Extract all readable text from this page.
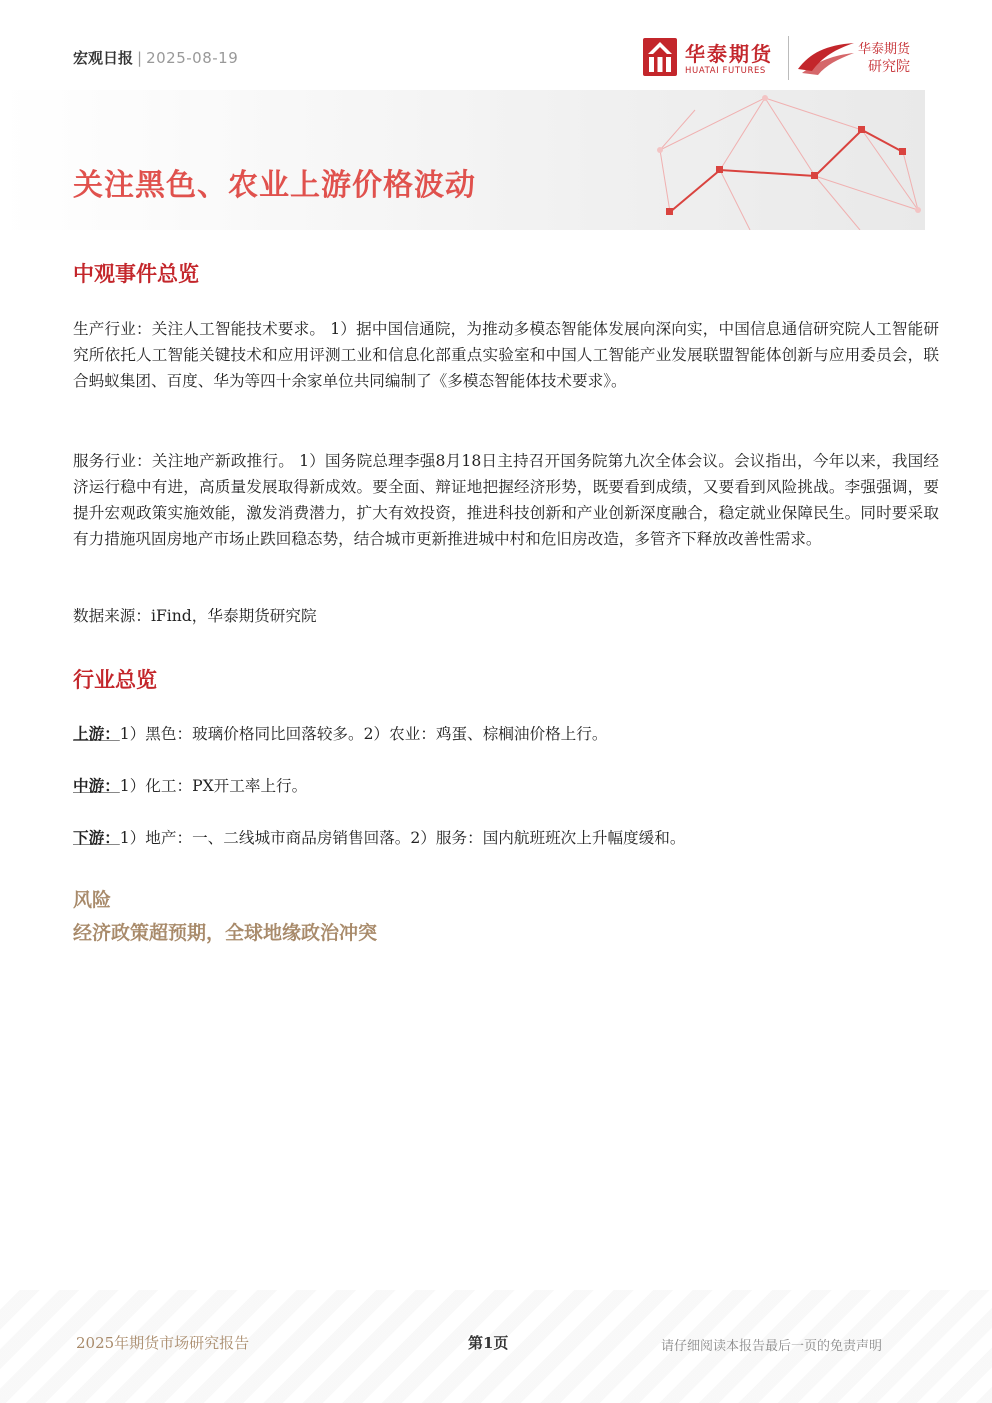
宏观日报 | 2025-08-19	华泰期货
HUATAI FUTURES
华泰期货
研究院
关注黑色、农业上游价格波动
中观事件总览

生产行业：关注人工智能技术要求。 1）据中国信通院，为推动多模态智能体发展向深向实，中国信息通信研究院人工智能研究所依托人工智能关键技术和应用评测工业和信息化部重点实验室和中国人工智能产业发展联盟智能体创新与应用委员会，联合蚂蚁集团、百度、华为等四十余家单位共同编制了《多模态智能体技术要求》。

服务行业：关注地产新政推行。 1）国务院总理李强8月18日主持召开国务院第九次全体会议。会议指出，今年以来，我国经济运行稳中有进，高质量发展取得新成效。要全面、辩证地把握经济形势，既要看到成绩，又要看到风险挑战。李强强调，要提升宏观政策实施效能，激发消费潜力，扩大有效投资，推进科技创新和产业创新深度融合，稳定就业保障民生。同时要采取有力措施巩固房地产市场止跌回稳态势，结合城市更新推进城中村和危旧房改造，多管齐下释放改善性需求。

数据来源：iFind，华泰期货研究院
行业总览
上游：1）黑色：玻璃价格同比回落较多。2）农业：鸡蛋、棕榈油价格上行。
中游：1）化工：PX开工率上行。
下游：1）地产：一、二线城市商品房销售回落。2）服务：国内航班班次上升幅度缓和。
风险
经济政策超预期，全球地缘政治冲突
2025年期货市场研究报告	第1页	请仔细阅读本报告最后一页的免责声明
